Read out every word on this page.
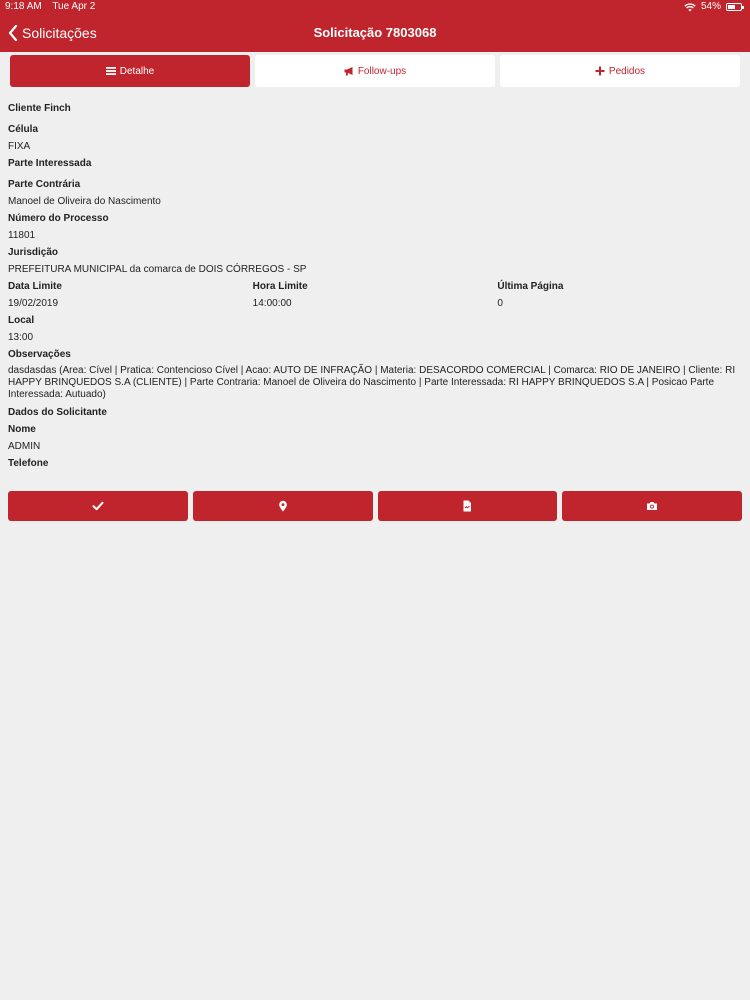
9:18 AM Tue Apr 2	54%
Solicitações	Solicitação 7803068
Detalhe	Follow-ups	Pedidos
Cliente Finch
Célula
FIXA
Parte Interessada
Parte Contrária
Manoel de Oliveira do Nascimento
Número do Processo
11801
Jurisdição
PREFEITURA MUNICIPAL da comarca de DOIS CÓRREGOS - SP
Data Limite
19/02/2019
Hora Limite
14:00:00
Última Página
0
Local
13:00
Observações
dasdasdas (Area: Cível | Pratica: Contencioso Cível | Acao: AUTO DE INFRAÇÃO | Materia: DESACORDO COMERCIAL | Comarca: RIO DE JANEIRO | Cliente: RI HAPPY BRINQUEDOS S.A (CLIENTE) | Parte Contraria: Manoel de Oliveira do Nascimento | Parte Interessada: RI HAPPY BRINQUEDOS S.A | Posicao Parte Interessada: Autuado)
Dados do Solicitante
Nome
ADMIN
Telefone
